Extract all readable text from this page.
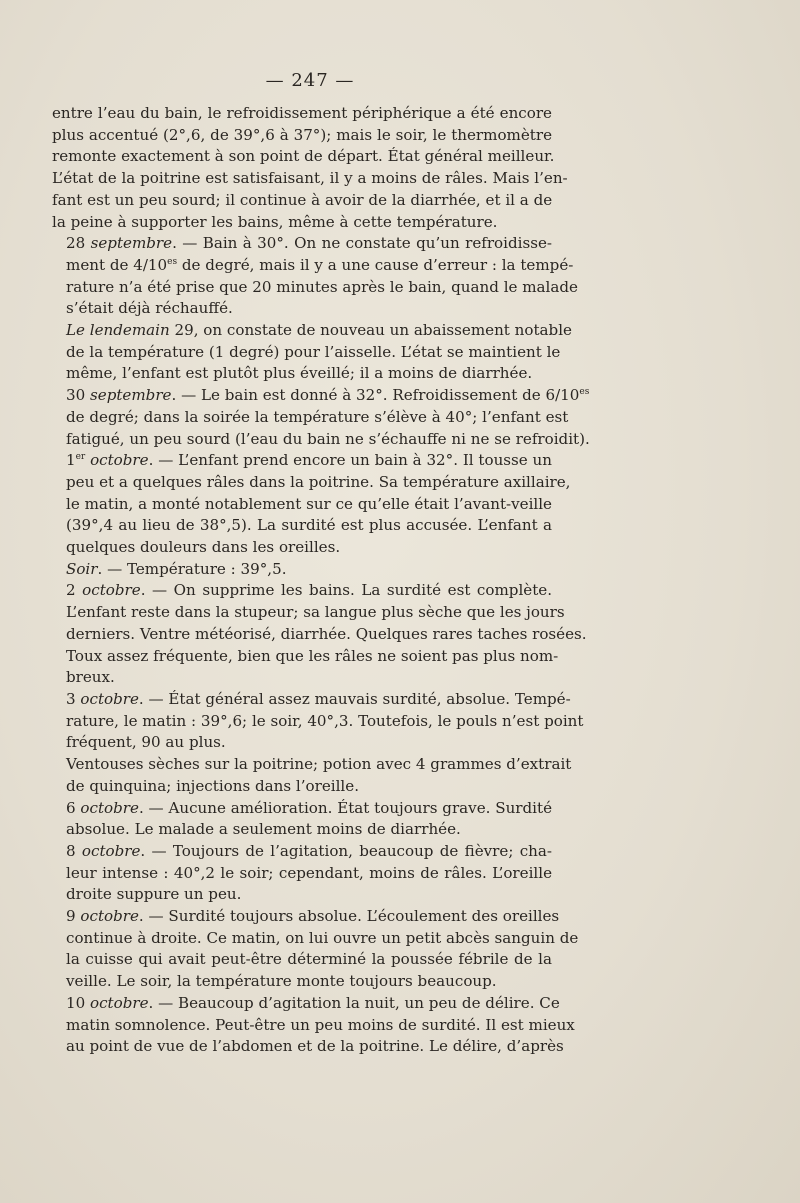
— 247 —

entre l’eau du bain, le refroidissement périphérique a été encore
plus accentué (2°,6, de 39°,6 à 37°); mais le soir, le thermomètre
remonte exactement à son point de départ. État général meilleur.
L’état de la poitrine est satisfaisant, il y a moins de râles. Mais l’en-
fant est un peu sourd; il continue à avoir de la diarrhée, et il a de
la peine à supporter les bains, même à cette température.

28 septembre. — Bain à 30°. On ne constate qu’un refroidisse-
ment de $4/10^{es}$ de degré, mais il y a une cause d’erreur : la tempé-
rature n’a été prise que 20 minutes après le bain, quand le malade
s’était déjà réchauffé.

Le lendemain 29, on constate de nouveau un abaissement notable
de la température (1 degré) pour l’aisselle. L’état se maintient le
même, l’enfant est plutôt plus éveillé; il a moins de diarrhée.

30 septembre. — Le bain est donné à 32°. Refroidissement de $6/10^{es}$
de degré; dans la soirée la température s’élève à 40°; l’enfant est
fatigué, un peu sourd (l’eau du bain ne s’échauffe ni ne se refroidit).

1er octobre. — L’enfant prend encore un bain à 32°. Il tousse un
peu et a quelques râles dans la poitrine. Sa température axillaire,
le matin, a monté notablement sur ce qu’elle était l’avant-veille
(39°,4 au lieu de 38°,5). La surdité est plus accusée. L’enfant a
quelques douleurs dans les oreilles.

Soir. — Température : 39°,5.

2 octobre. — On supprime les bains. La surdité est complète.
L’enfant reste dans la stupeur; sa langue plus sèche que les jours
derniers. Ventre météorisé, diarrhée. Quelques rares taches rosées.
Toux assez fréquente, bien que les râles ne soient pas plus nom-
breux.

3 octobre. — État général assez mauvais surdité, absolue. Tempé-
rature, le matin : 39°,6; le soir, 40°,3. Toutefois, le pouls n’est point
fréquent, 90 au plus.

Ventouses sèches sur la poitrine; potion avec 4 grammes d’extrait
de quinquina; injections dans l’oreille.

6 octobre. — Aucune amélioration. État toujours grave. Surdité
absolue. Le malade a seulement moins de diarrhée.

8 octobre. — Toujours de l’agitation, beaucoup de fièvre; cha-
leur intense : 40°,2 le soir; cependant, moins de râles. L’oreille
droite suppure un peu.

9 octobre. — Surdité toujours absolue. L’écoulement des oreilles
continue à droite. Ce matin, on lui ouvre un petit abcès sanguin de
la cuisse qui avait peut-être déterminé la poussée fébrile de la
veille. Le soir, la température monte toujours beaucoup.

10 octobre. — Beaucoup d’agitation la nuit, un peu de délire. Ce
matin somnolence. Peut-être un peu moins de surdité. Il est mieux
au point de vue de l’abdomen et de la poitrine. Le délire, d’après
